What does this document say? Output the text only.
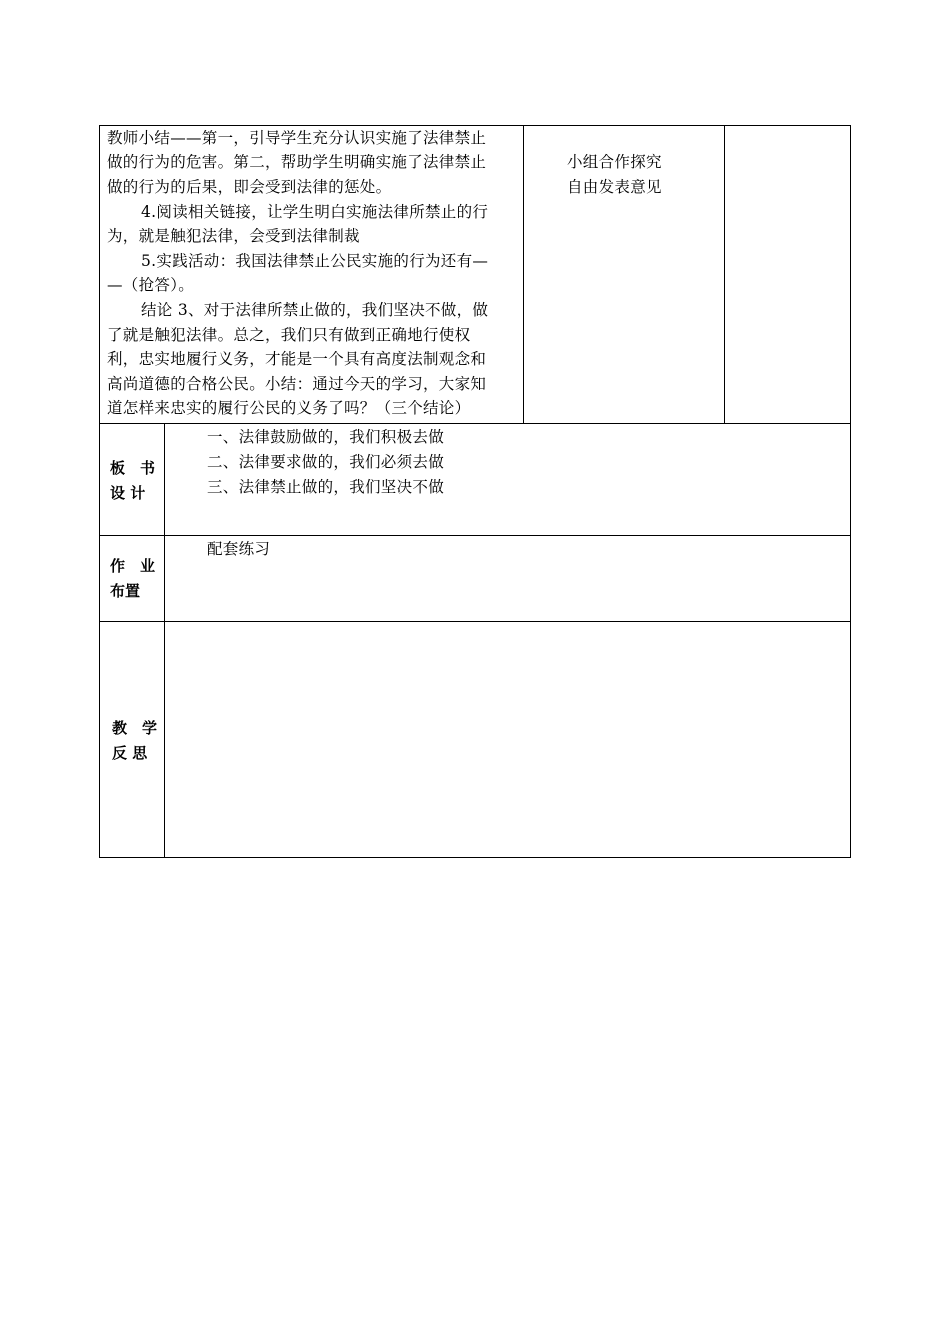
教师小结——第一，引导学生充分认识实施了法律禁止
做的行为的危害。第二，帮助学生明确实施了法律禁止
做的行为的后果，即会受到法律的惩处。
4.阅读相关链接，让学生明白实施法律所禁止的行
为，就是触犯法律，会受到法律制裁
5.实践活动：我国法律禁止公民实施的行为还有—
—（抢答）。
结论 3、对于法律所禁止做的，我们坚决不做，做
了就是触犯法律。总之，我们只有做到正确地行使权
利，忠实地履行义务，才能是一个具有高度法制观念和
高尚道德的合格公民。小结：通过今天的学习，大家知
道怎样来忠实的履行公民的义务了吗？（三个结论）
小组合作探究
自由发表意见
板　书
设 计
一、法律鼓励做的，我们积极去做
二、法律要求做的，我们必须去做
三、法律禁止做的，我们坚决不做
作　业
布置
配套练习
教　学
反 思
